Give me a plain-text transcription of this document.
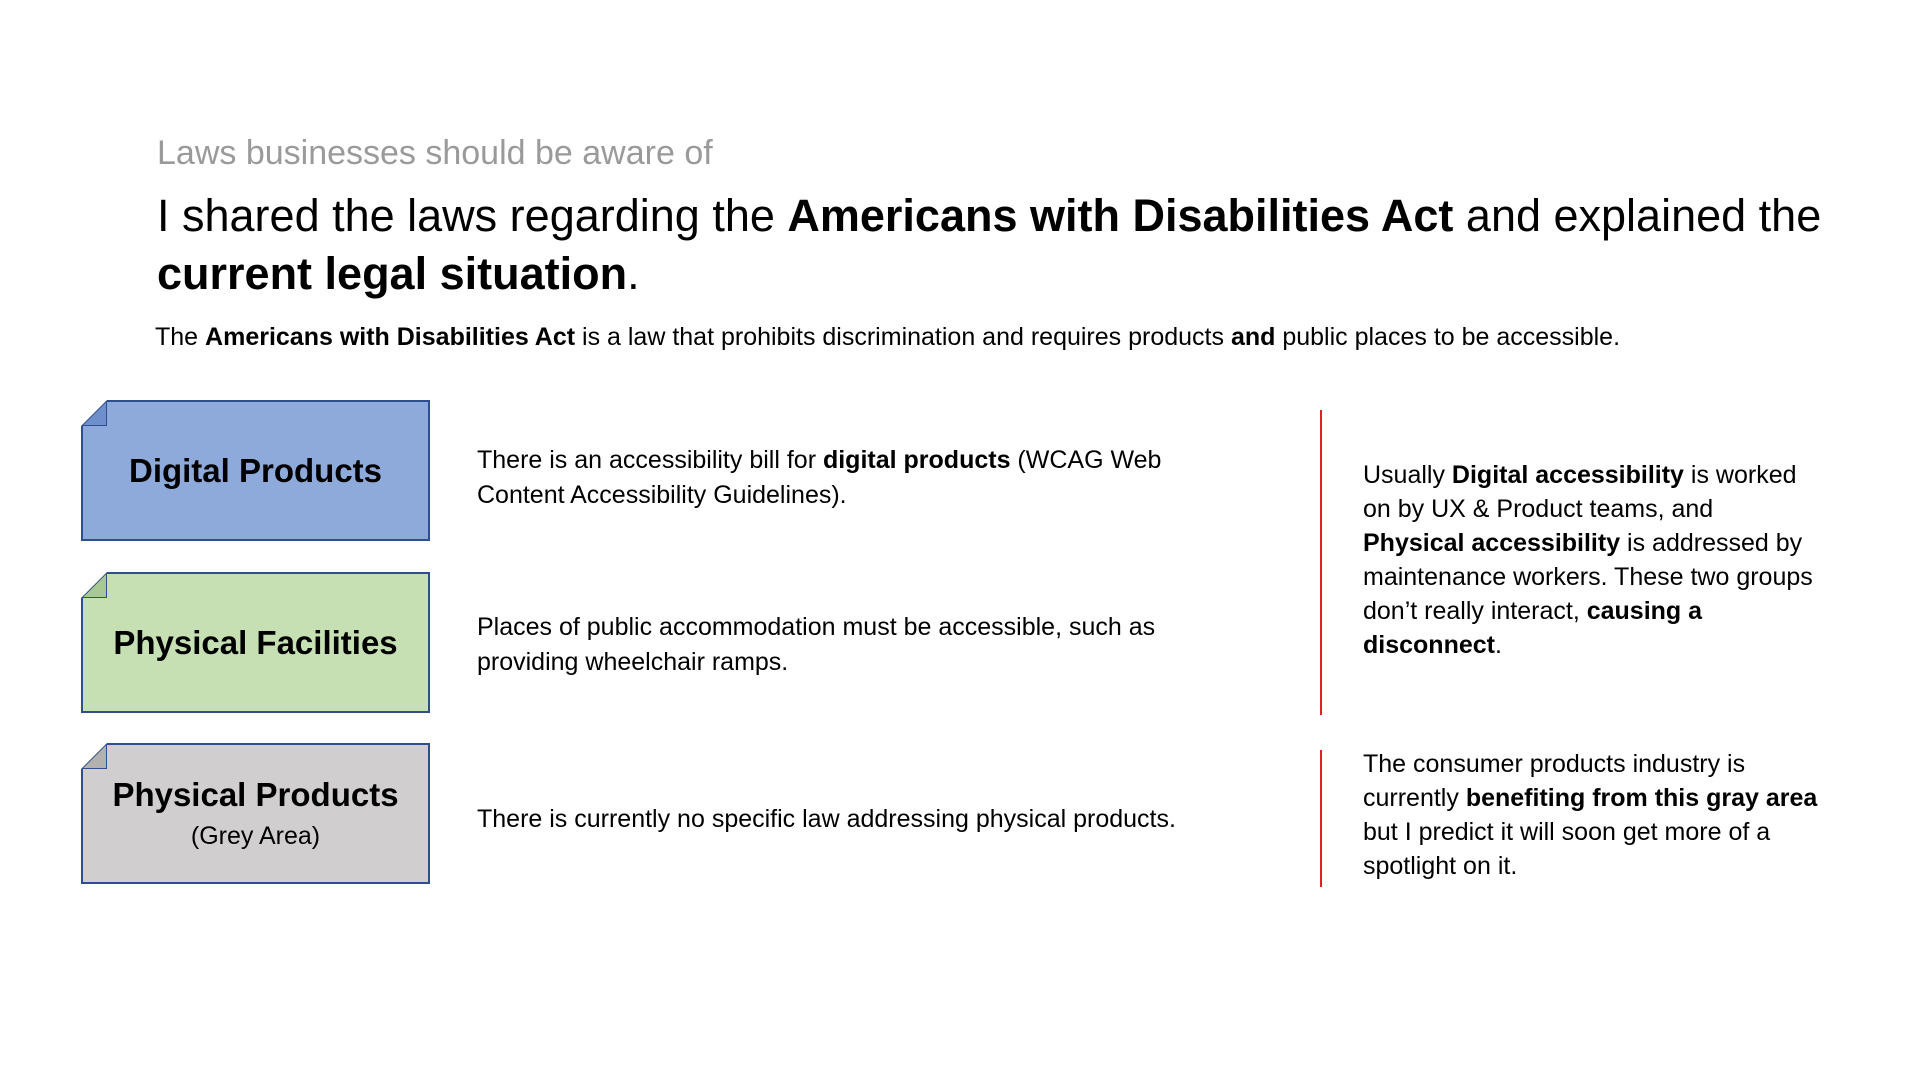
Laws businesses should be aware of
I shared the laws regarding the Americans with Disabilities Act and explained the current legal situation.
The Americans with Disabilities Act is a law that prohibits discrimination and requires products and public places to be accessible.
Digital Products
Physical Facilities
Physical Products
(Grey Area)
There is an accessibility bill for digital products (WCAG Web Content Accessibility Guidelines).
Places of public accommodation must be accessible, such as providing wheelchair ramps.
There is currently no specific law addressing physical products.
Usually Digital accessibility is worked on by UX & Product teams, and Physical accessibility is addressed by maintenance workers. These two groups don’t really interact, causing a disconnect.
The consumer products industry is currently benefiting from this gray area but I predict it will soon get more of a spotlight on it.
